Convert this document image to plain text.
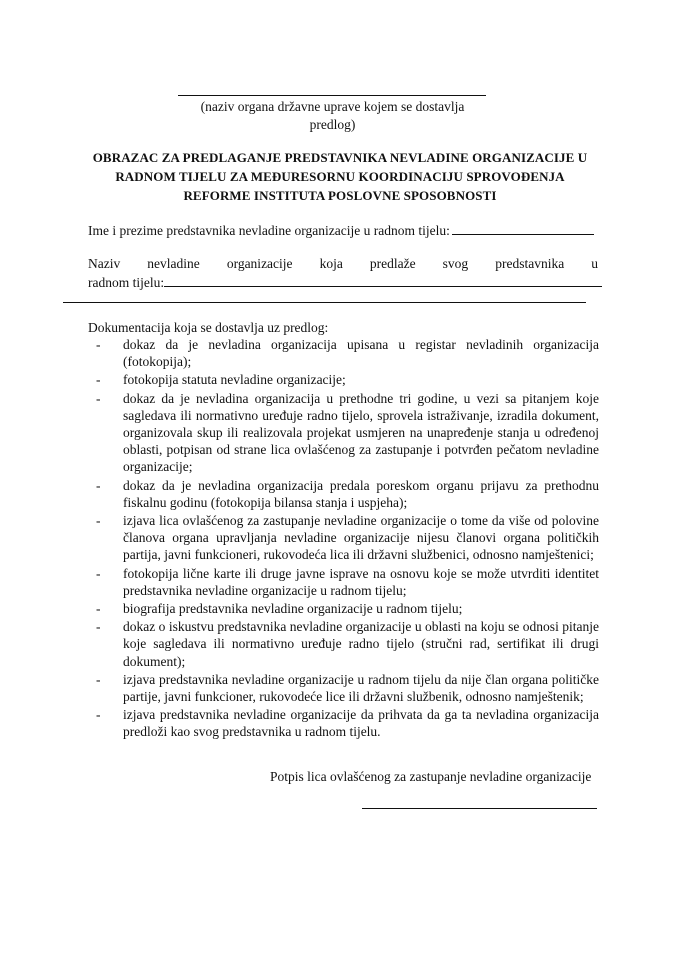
(naziv organa državne uprave kojem se dostavlja
predlog)
OBRAZAC ZA PREDLAGANJE PREDSTAVNIKA NEVLADINE ORGANIZACIJE U
RADNOM TIJELU ZA MEĐURESORNU KOORDINACIJU SPROVOĐENJA
REFORME INSTITUTA POSLOVNE SPOSOBNOSTI
Ime i prezime predstavnika nevladine organizacije u radnom tijelu:
Naziv nevladine organizacije koja predlaže svog predstavnika u
radnom tijelu:
Dokumentacija koja se dostavlja uz predlog:
- dokaz da je nevladina organizacija upisana u registar nevladinih organizacija (fotokopija);
- fotokopija statuta nevladine organizacije;
- dokaz da je nevladina organizacija u prethodne tri godine, u vezi sa pitanjem koje sagledava ili normativno uređuje radno tijelo, sprovela istraživanje, izradila dokument, organizovala skup ili realizovala projekat usmjeren na unapređenje stanja u određenoj oblasti, potpisan od strane lica ovlašćenog za zastupanje i potvrđen pečatom nevladine organizacije;
- dokaz da je nevladina organizacija predala poreskom organu prijavu za prethodnu fiskalnu godinu (fotokopija bilansa stanja i uspjeha);
- izjava lica ovlašćenog za zastupanje nevladine organizacije o tome da više od polovine članova organa upravljanja nevladine organizacije nijesu članovi organa političkih partija, javni funkcioneri, rukovodeća lica ili državni službenici, odnosno namještenici;
- fotokopija lične karte ili druge javne isprave na osnovu koje se može utvrditi identitet predstavnika nevladine organizacije u radnom tijelu;
- biografija predstavnika nevladine organizacije u radnom tijelu;
- dokaz o iskustvu predstavnika nevladine organizacije u oblasti na koju se odnosi pitanje koje sagledava ili normativno uređuje radno tijelo (stručni rad, sertifikat ili drugi dokument);
- izjava predstavnika nevladine organizacije u radnom tijelu da nije član organa političke partije, javni funkcioner, rukovodeće lice ili državni službenik, odnosno namještenik;
- izjava predstavnika nevladine organizacije da prihvata da ga ta nevladina organizacija predloži kao svog predstavnika u radnom tijelu.
Potpis lica ovlašćenog za zastupanje nevladine organizacije
